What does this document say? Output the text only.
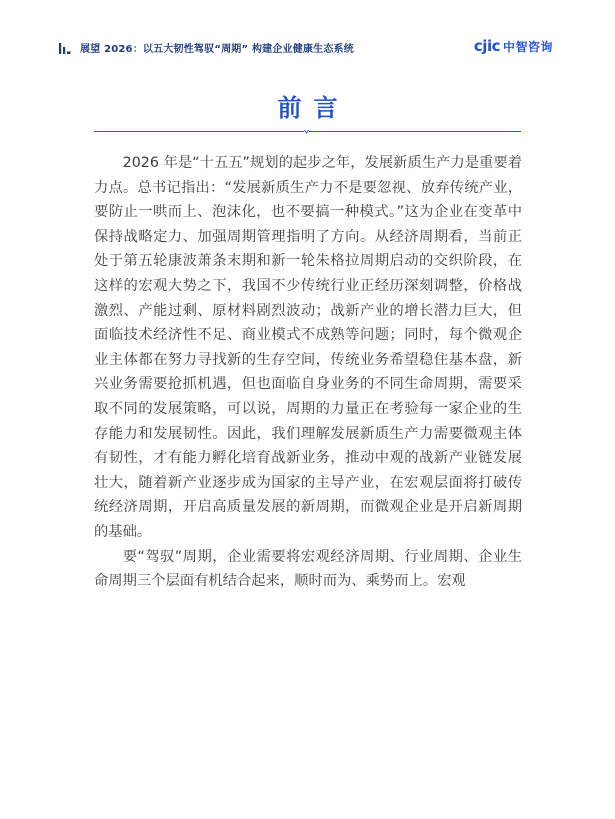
展望 2026：以五大韧性驾驭“周期” 构建企业健康生态系统	cjic 中智咨询
前言

2026 年是“十五五”规划的起步之年，发展新质生产力是重要着力点。总书记指出：“发展新质生产力不是要忽视、放弃传统产业，要防止一哄而上、泡沫化，也不要搞一种模式。”这为企业在变革中保持战略定力、加强周期管理指明了方向。从经济周期看，当前正处于第五轮康波萧条末期和新一轮朱格拉周期启动的交织阶段，在这样的宏观大势之下，我国不少传统行业正经历深刻调整，价格战激烈、产能过剩、原材料剧烈波动；战新产业的增长潜力巨大，但面临技术经济性不足、商业模式不成熟等问题；同时，每个微观企业主体都在努力寻找新的生存空间，传统业务希望稳住基本盘，新兴业务需要抢抓机遇，但也面临自身业务的不同生命周期，需要采取不同的发展策略，可以说，周期的力量正在考验每一家企业的生存能力和发展韧性。因此，我们理解发展新质生产力需要微观主体有韧性，才有能力孵化培育战新业务，推动中观的战新产业链发展壮大，随着新产业逐步成为国家的主导产业，在宏观层面将打破传统经济周期，开启高质量发展的新周期，而微观企业是开启新周期的基础。

要“驾驭”周期，企业需要将宏观经济周期、行业周期、企业生命周期三个层面有机结合起来，顺时而为、乘势而上。宏观
